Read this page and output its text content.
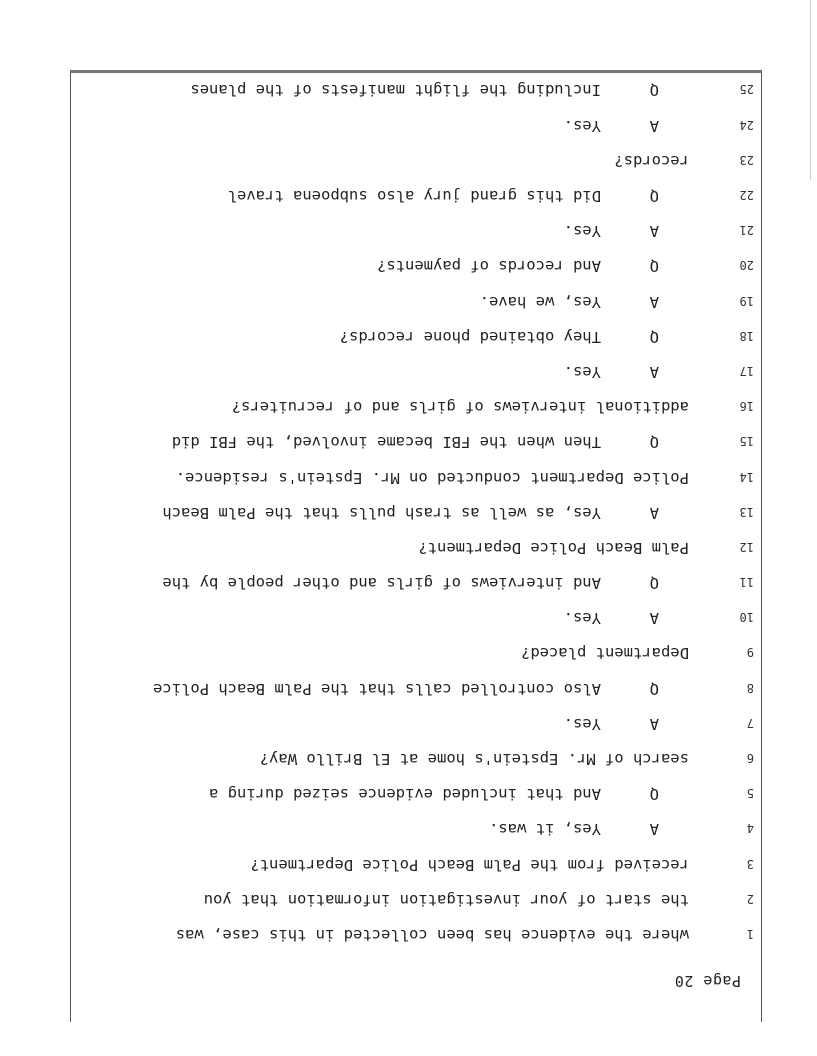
Page 20
1
where the evidence has been collected in this case, was
2
the start of your investigation information that you
3
received from the Palm Beach Police Department?
4
A
Yes, it was.
5
Q
And that included evidence seized during a
6
search of Mr. Epstein's home at El Brillo Way?
7
A
Yes.
8
Q
Also controlled calls that the Palm Beach Police
9
Department placed?
10
A
Yes.
11
Q
And interviews of girls and other people by the
12
Palm Beach Police Department?
13
A
Yes, as well as trash pulls that the Palm Beach
14
Police Department conducted on Mr. Epstein's residence.
15
Q
Then when the FBI became involved, the FBI did
16
additional interviews of girls and of recruiters?
17
A
Yes.
18
Q
They obtained phone records?
19
A
Yes, we have.
20
Q
And records of payments?
21
A
Yes.
22
Q
Did this grand jury also subpoena travel
23
records?
24
A
Yes.
25
Q
Including the flight manifests of the planes
